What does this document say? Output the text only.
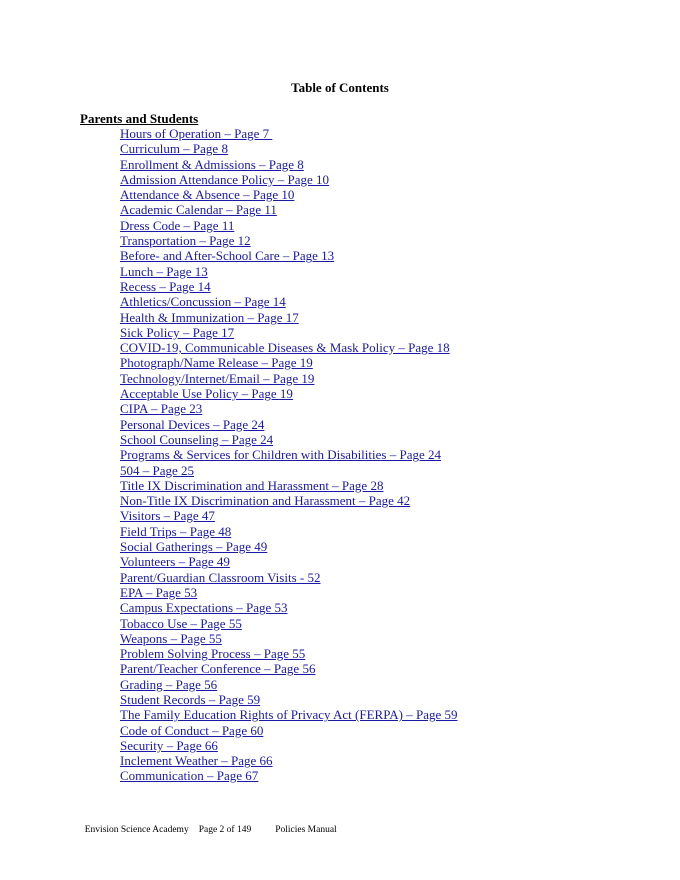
Table of Contents
Parents and Students
Hours of Operation – Page 7
Curriculum – Page 8
Enrollment & Admissions – Page 8
Admission Attendance Policy – Page 10
Attendance & Absence – Page 10
Academic Calendar – Page 11
Dress Code – Page 11
Transportation – Page 12
Before- and After-School Care – Page 13
Lunch – Page 13
Recess – Page 14
Athletics/Concussion – Page 14
Health & Immunization – Page 17
Sick Policy – Page 17
COVID-19, Communicable Diseases & Mask Policy – Page 18
Photograph/Name Release – Page 19
Technology/Internet/Email – Page 19
Acceptable Use Policy – Page 19
CIPA – Page 23
Personal Devices – Page 24
School Counseling – Page 24
Programs & Services for Children with Disabilities – Page 24
504 – Page 25
Title IX Discrimination and Harassment – Page 28
Non-Title IX Discrimination and Harassment – Page 42
Visitors – Page 47
Field Trips – Page 48
Social Gatherings – Page 49
Volunteers – Page 49
Parent/Guardian Classroom Visits - 52
EPA – Page 53
Campus Expectations – Page 53
Tobacco Use – Page 55
Weapons – Page 55
Problem Solving Process – Page 55
Parent/Teacher Conference – Page 56
Grading – Page 56
Student Records – Page 59
The Family Education Rights of Privacy Act (FERPA) – Page 59
Code of Conduct – Page 60
Security – Page 66
Inclement Weather – Page 66
Communication – Page 67

Envision Science Academy Page 2 of 149	Policies Manual
